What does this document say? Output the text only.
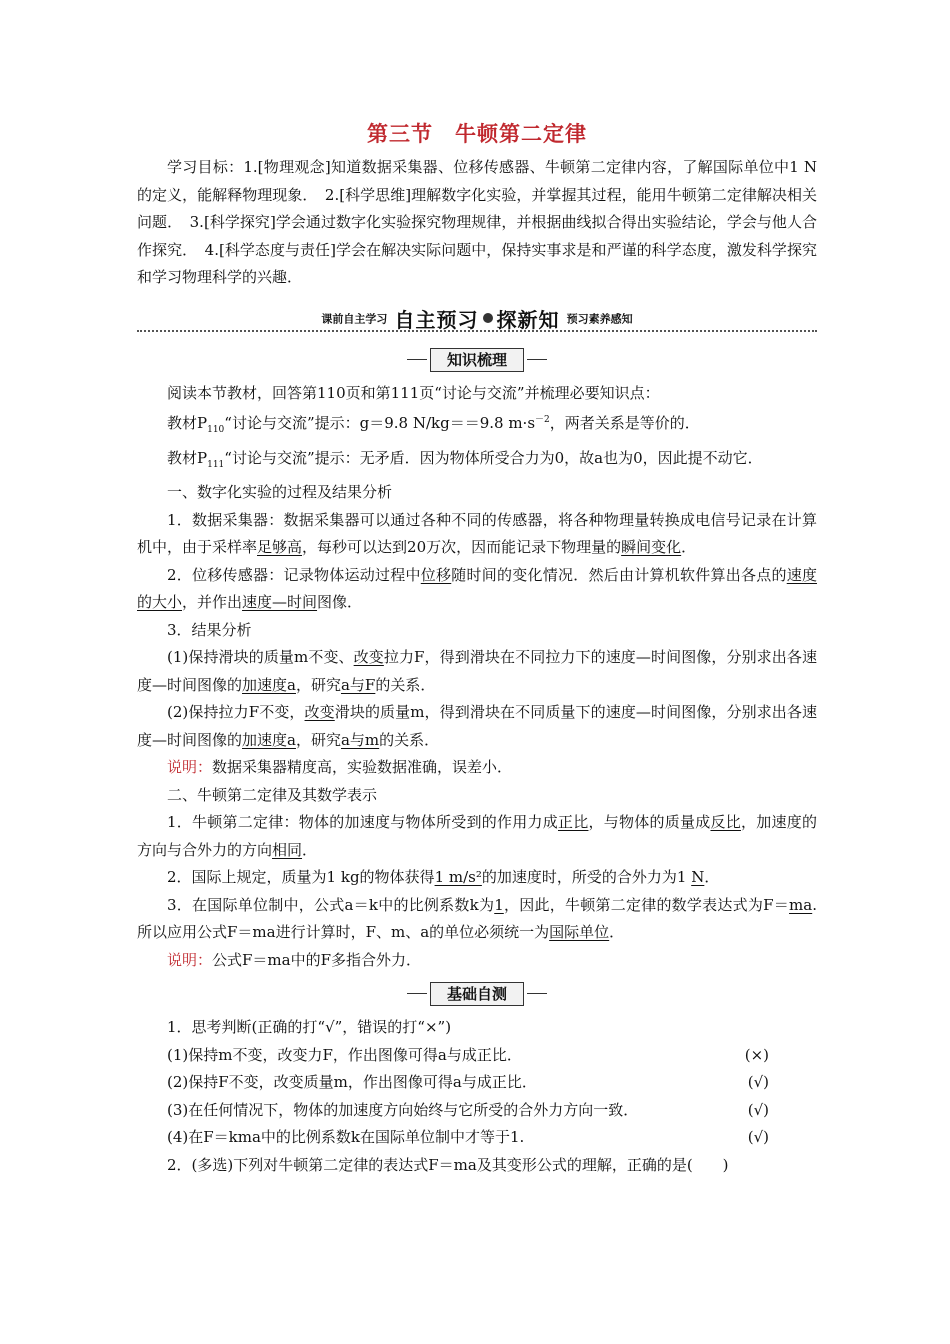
第三节　牛顿第二定律

学习目标：1.[物理观念]知道数据采集器、位移传感器、牛顿第二定律内容，了解国际单位中1 N的定义，能解释物理现象．　2.[科学思维]理解数字化实验，并掌握其过程，能用牛顿第二定律解决相关问题．　3.[科学探究]学会通过数字化实验探究物理规律，并根据曲线拟合得出实验结论，学会与他人合作探究．　4.[科学态度与责任]学会在解决实际问题中，保持实事求是和严谨的科学态度，激发科学探究和学习物理科学的兴趣．

课前自主学习 自主预习 探新知 预习素养感知
知识梳理

阅读本节教材，回答第110页和第111页“讨论与交流”并梳理必要知识点：

教材$P_{110}“$讨论与交流”提示：g＝9.8 N/kg＝＝9.8 $m\cdot s^{-2}$，两者关系是等价的．

教材$P_{111}“$讨论与交流”提示：无矛盾．因为物体所受合力为0，故a也为0，因此提不动它．

一、数字化实验的过程及结果分析

1．数据采集器：数据采集器可以通过各种不同的传感器，将各种物理量转换成电信号记录在计算机中，由于采样率足够高，每秒可以达到20万次，因而能记录下物理量的瞬间变化．

2．位移传感器：记录物体运动过程中位移随时间的变化情况．然后由计算机软件算出各点的速度的大小，并作出速度—时间图像．

3．结果分析

(1)保持滑块的质量m不变、改变拉力F，得到滑块在不同拉力下的速度—时间图像，分别求出各速度—时间图像的加速度a，研究a与F的关系．

(2)保持拉力F不变，改变滑块的质量m，得到滑块在不同质量下的速度—时间图像，分别求出各速度—时间图像的加速度a，研究a与m的关系．

说明：数据采集器精度高，实验数据准确，误差小．

二、牛顿第二定律及其数学表示

1．牛顿第二定律：物体的加速度与物体所受到的作用力成正比，与物体的质量成反比，加速度的方向与合外力的方向相同．

2．国际上规定，质量为1 kg的物体获得1 m/s²的加速度时，所受的合外力为1 N．

3．在国际单位制中，公式a＝k中的比例系数k为1，因此，牛顿第二定律的数学表达式为F＝ma.所以应用公式F＝ma进行计算时，F、m、a的单位必须统一为国际单位．

说明：公式F＝ma中的F多指合外力．

基础自测

1．思考判断(正确的打“√”，错误的打“×”)

(1)保持m不变，改变力F，作出图像可得a与成正比．	(×)

(2)保持F不变，改变质量m，作出图像可得a与成正比．	(√)

(3)在任何情况下，物体的加速度方向始终与它所受的合外力方向一致．	(√)

(4)在F＝kma中的比例系数k在国际单位制中才等于1.	(√)

2．(多选)下列对牛顿第二定律的表达式F＝ma及其变形公式的理解，正确的是(　　)
